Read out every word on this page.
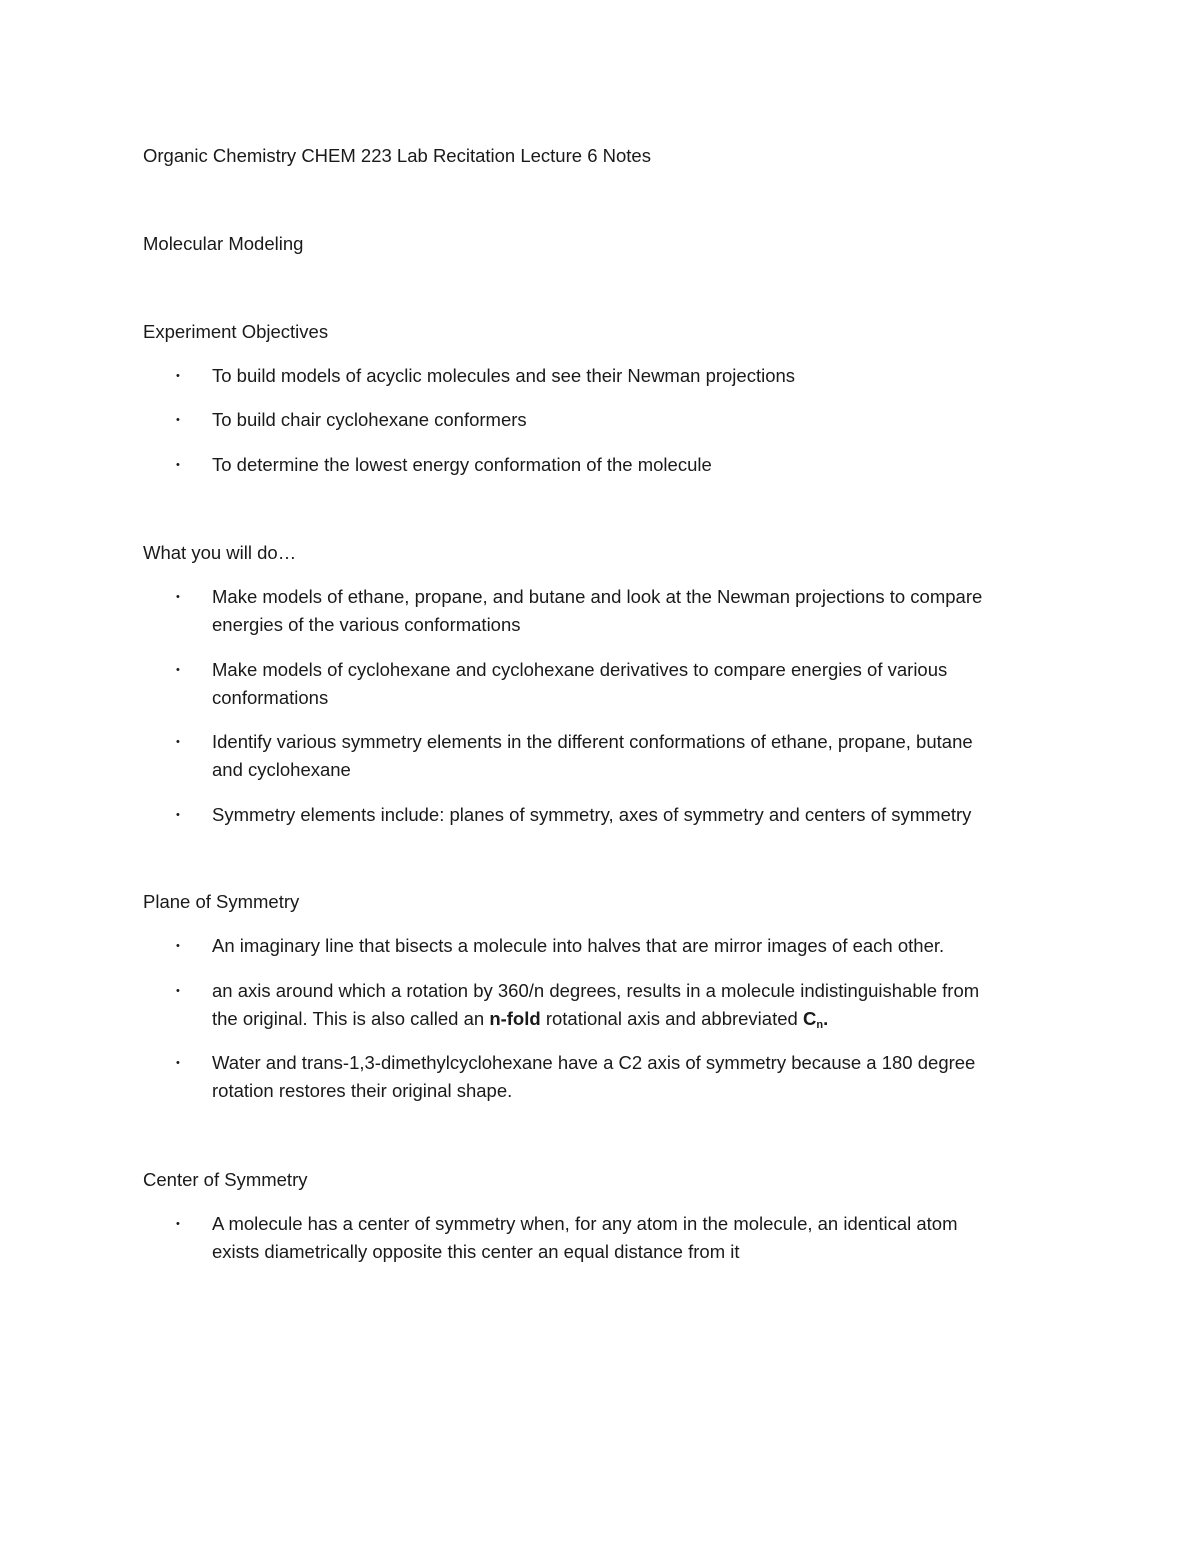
Organic Chemistry CHEM 223 Lab Recitation Lecture 6 Notes
Molecular Modeling
Experiment Objectives
•	To build models of acyclic molecules and see their Newman projections
•	To build chair cyclohexane conformers
•	To determine the lowest energy conformation of the molecule
What you will do…
•	Make models of ethane, propane, and butane and look at the Newman projections to compare
energies of the various conformations
•	Make models of cyclohexane and cyclohexane derivatives to compare energies of various
conformations
•	Identify various symmetry elements in the different conformations of ethane, propane, butane
and cyclohexane
•	Symmetry elements include: planes of symmetry, axes of symmetry and centers of symmetry
Plane of Symmetry
•	An imaginary line that bisects a molecule into halves that are mirror images of each other.
•	an axis around which a rotation by 360/n degrees, results in a molecule indistinguishable from
the original. This is also called an n-fold rotational axis and abbreviated $C_n$.
•	Water and trans-1,3-dimethylcyclohexane have a C2 axis of symmetry because a 180 degree
rotation restores their original shape.
Center of Symmetry
•	A molecule has a center of symmetry when, for any atom in the molecule, an identical atom
exists diametrically opposite this center an equal distance from it
